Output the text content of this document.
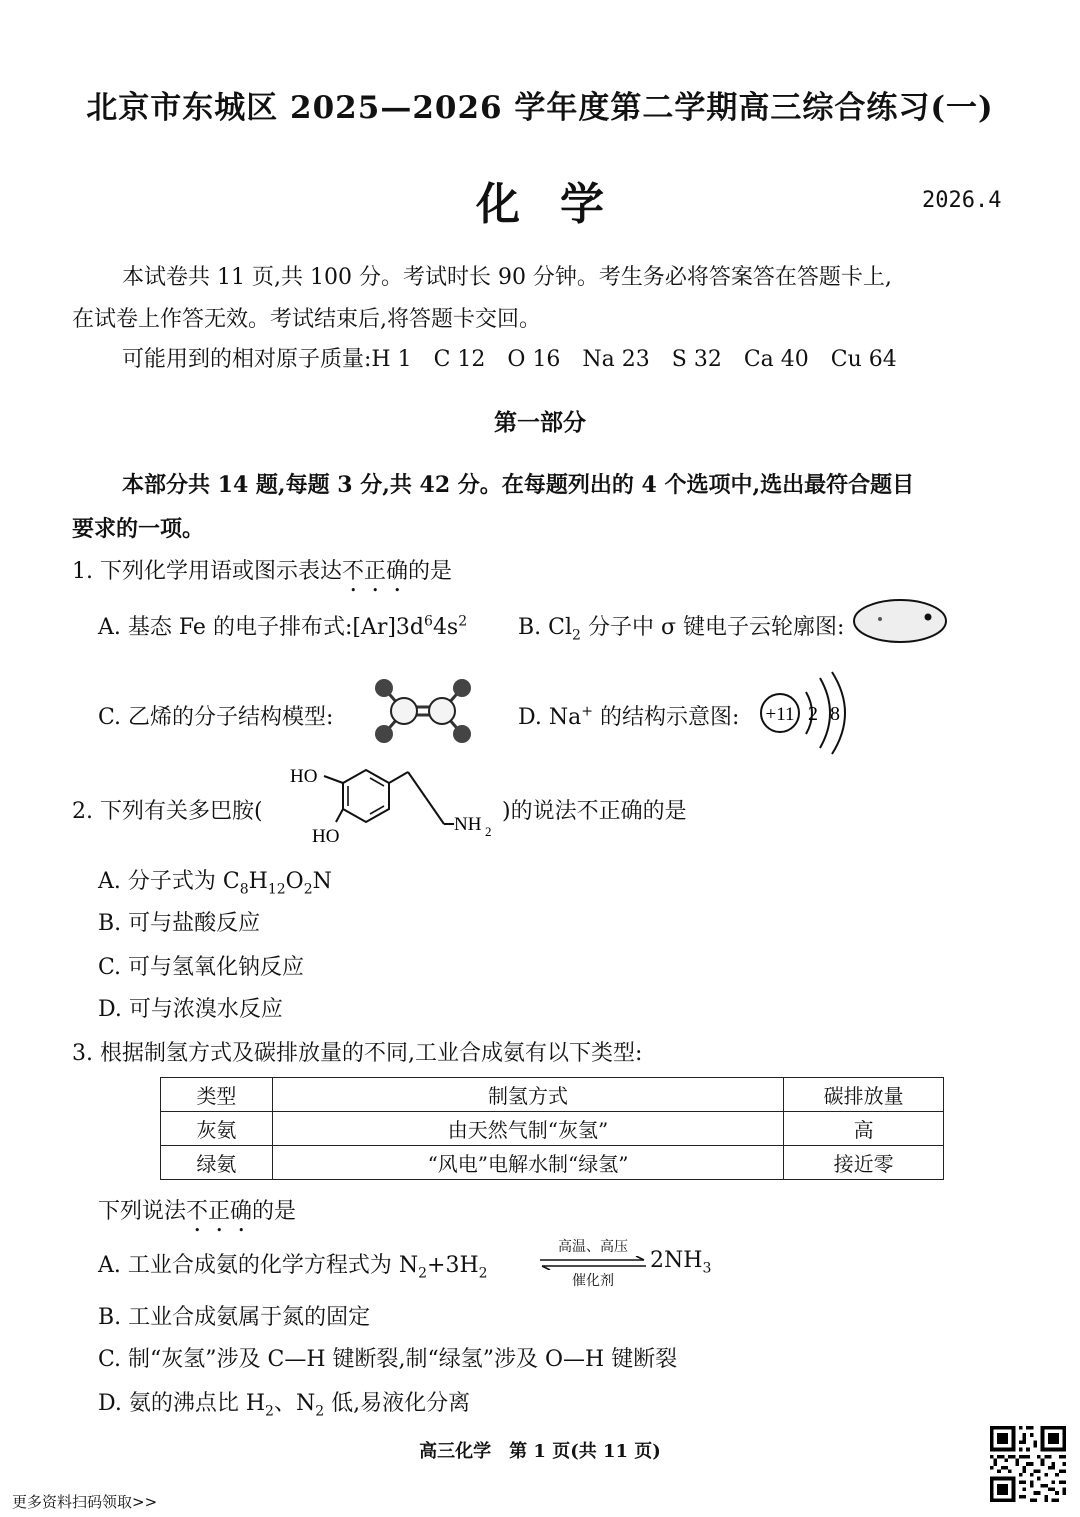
北京市东城区 2025—2026 学年度第二学期高三综合练习(一)
化学	2026.4
本试卷共 11 页,共 100 分。考试时长 90 分钟。考生务必将答案答在答题卡上,
在试卷上作答无效。考试结束后,将答题卡交回。
可能用到的相对原子质量:H 1　C 12　O 16　Na 23　S 32　Ca 40　Cu 64
第一部分
本部分共 14 题,每题 3 分,共 42 分。在每题列出的 4 个选项中,选出最符合题目
要求的一项。
1. 下列化学用语或图示表达不正确的是
A. 基态 Fe 的电子排布式$:[Ar]3d^64s^2$ B. $Cl_2$ 分子中 σ 键电子云轮廓图:
C. 乙烯的分子结构模型:	D. Na+ 的结构示意图: +11 2 8
2. 下列有关多巴胺(
HO
HO
NH 2
)的说法不正确的是
A. 分子式为 $C_8H_{12}O_2N$
B. 可与盐酸反应
C. 可与氢氧化钠反应
D. 可与浓溴水反应
3. 根据制氢方式及碳排放量的不同,工业合成氨有以下类型:
类型	制氢方式	碳排放量
灰氨	由天然气制“灰氢”	高
绿氨	“风电”电解水制“绿氢”	接近零
下列说法不正确的是
A. 工业合成氨的化学方程式为 $N_2+3H_2$
高温、高压
催化剂
$2NH_3$
B. 工业合成氨属于氮的固定
C. 制“灰氢”涉及 C—H 键断裂,制“绿氢”涉及 O—H 键断裂
D. 氨的沸点比 $H_2$、$N_2$ 低,易液化分离
高三化学　第 1 页(共 11 页)
更多资料扫码领取>>
